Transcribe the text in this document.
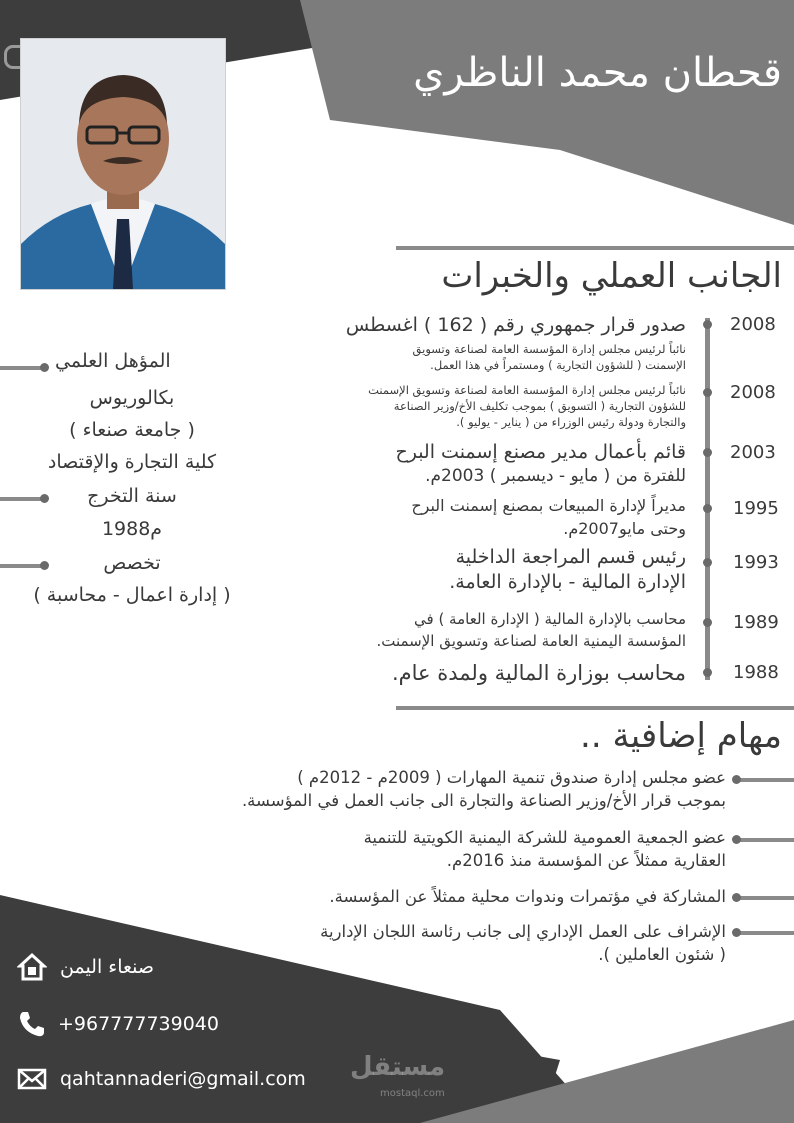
قحطان محمد الناظري
الجانب العملي والخبرات
2008
صدور قرار جمهوري رقم ( 162 ) اغسطس
نائباً لرئيس مجلس إدارة المؤسسة العامة لصناعة وتسويق
الإسمنت ( للشؤون التجارية ) ومستمراً في هذا العمل.
2008
نائباً لرئيس مجلس إدارة المؤسسة العامة لصناعة وتسويق الإسمنت
للشؤون التجارية ( التسويق ) بموجب تكليف الأخ/وزير الصناعة
والتجارة ودولة رئيس الوزراء من ( يناير - يوليو ).
2003
قائم بأعمال مدير مصنع إسمنت البرح
للفترة من ( مايو - ديسمبر ) 2003م.
1995
مديراً لإدارة المبيعات بمصنع إسمنت البرح
وحتى مايو2007م.
1993
رئيس قسم المراجعة الداخلية
الإدارة المالية - بالإدارة العامة.
1989
محاسب بالإدارة المالية ( الإدارة العامة ) في
المؤسسة اليمنية العامة لصناعة وتسويق الإسمنت.
1988
محاسب بوزارة المالية ولمدة عام.
المؤهل العلمي
بكالوريوس
( جامعة صنعاء )
كلية التجارة والإقتصاد
سنة التخرج
1988م
تخصص
( إدارة اعمال - محاسبة )
مهام إضافية ..
عضو مجلس إدارة صندوق تنمية المهارات ( 2009م - 2012م )
بموجب قرار الأخ/وزير الصناعة والتجارة الى جانب العمل في المؤسسة.
عضو الجمعية العمومية للشركة اليمنية الكويتية للتنمية
العقارية ممثلاً عن المؤسسة منذ 2016م.
المشاركة في مؤتمرات وندوات محلية ممثلاً عن المؤسسة.
الإشراف على العمل الإداري إلى جانب رئاسة اللجان الإدارية
( شئون العاملين ).
صنعاء اليمن
+967777739040
qahtannaderi@gmail.com مستقل
mostaql.com
